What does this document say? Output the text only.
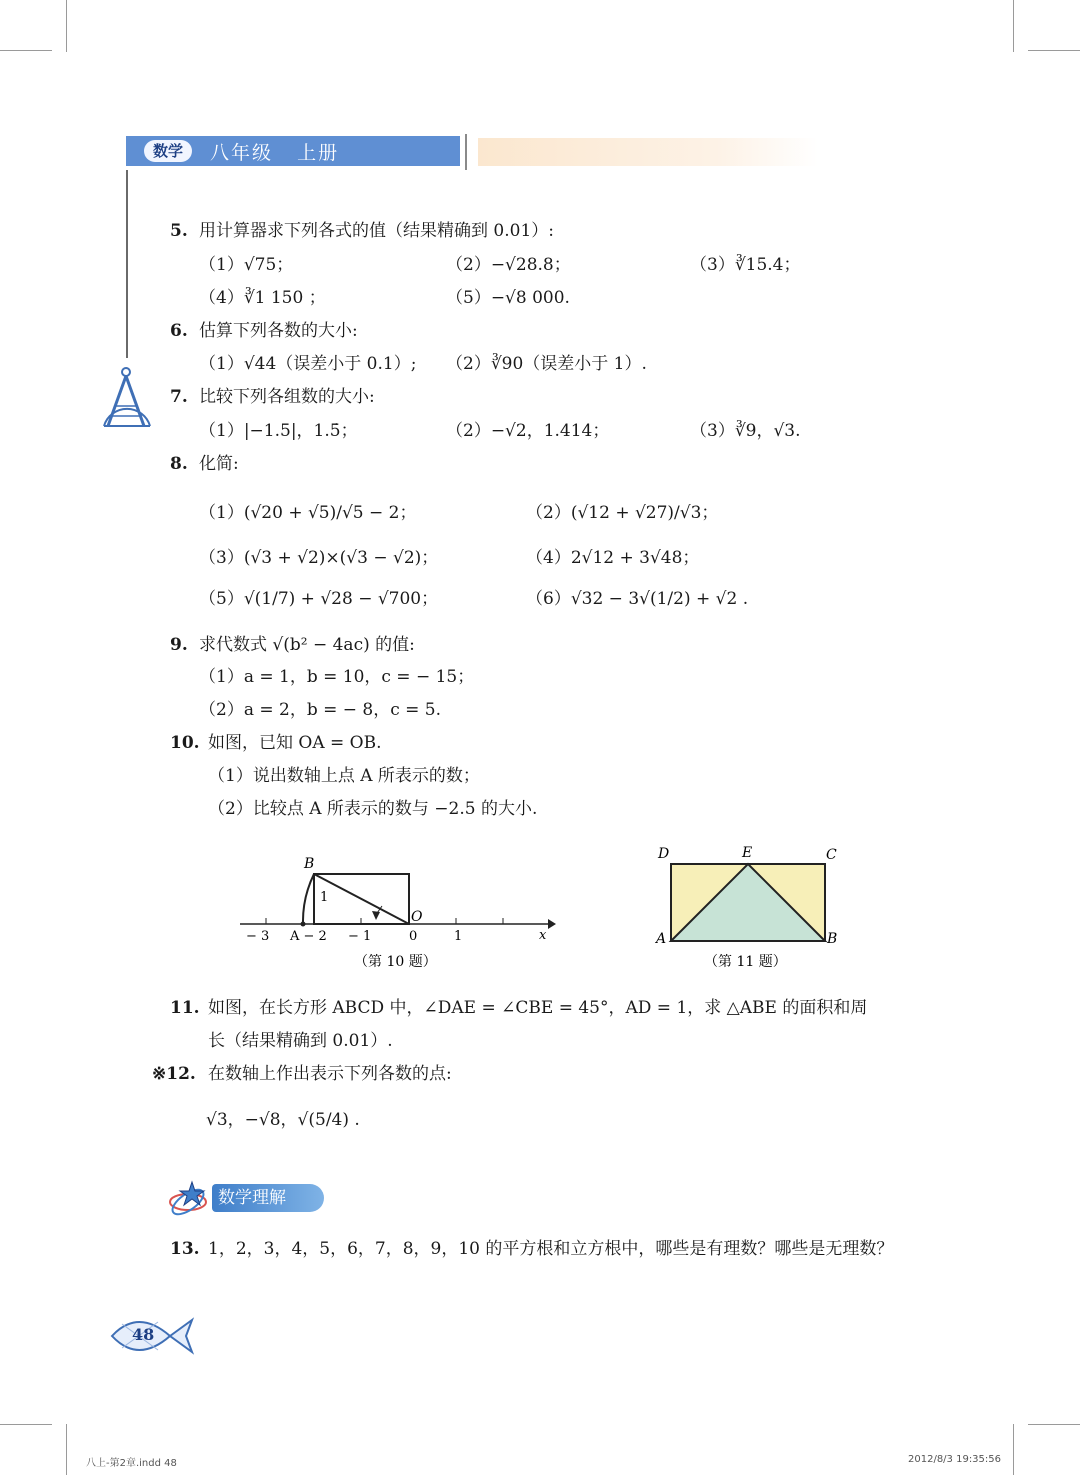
数学	八年级   上册
5. 用计算器求下列各式的值（结果精确到 0.01）:
（1）√75；	（2）−√28.8；	（3）∛15.4；
（4）∛1 150 ；	（5）−√8 000.
6. 估算下列各数的大小:
（1）√44（误差小于 0.1）; （2）∛90（误差小于 1）.
7. 比较下列各组数的大小:
（1）|−1.5|，1.5̇；	（2）−√2，1.414；	（3）∛9，√3.
8. 化简:
（1）(√20 + √5)/√5 − 2；	（2）(√12 + √27)/√3；
（3）(√3 + √2)×(√3 − √2)；	（4）2√12 + 3√48；
（5）√(1/7) + √28 − √700；	（6）√32 − 3√(1/2) + √2 .
9. 求代数式 √(b² − 4ac) 的值:
（1）a = 1，b = 10，c = − 15；
（2）a = 2，b = − 8，c = 5.
10. 如图，已知 OA = OB.
（1）说出数轴上点 A 所表示的数；
（2）比较点 A 所表示的数与 −2.5 的大小.
B
O
1
x
− 3 A − 2 − 1	0	1
（第 10 题）
D	E	C
A	B
（第 11 题）
11. 如图，在长方形 ABCD 中，∠DAE = ∠CBE = 45°，AD = 1，求 △ABE 的面积和周
长（结果精确到 0.01）.
※12. 在数轴上作出表示下列各数的点:
√3，−√8，√(5/4) .
数学理解
13. 1，2，3，4，5，6，7，8，9，10 的平方根和立方根中，哪些是有理数？哪些是无理数？
48
八上-第2章.indd 48	2012/8/3 19:35:56
